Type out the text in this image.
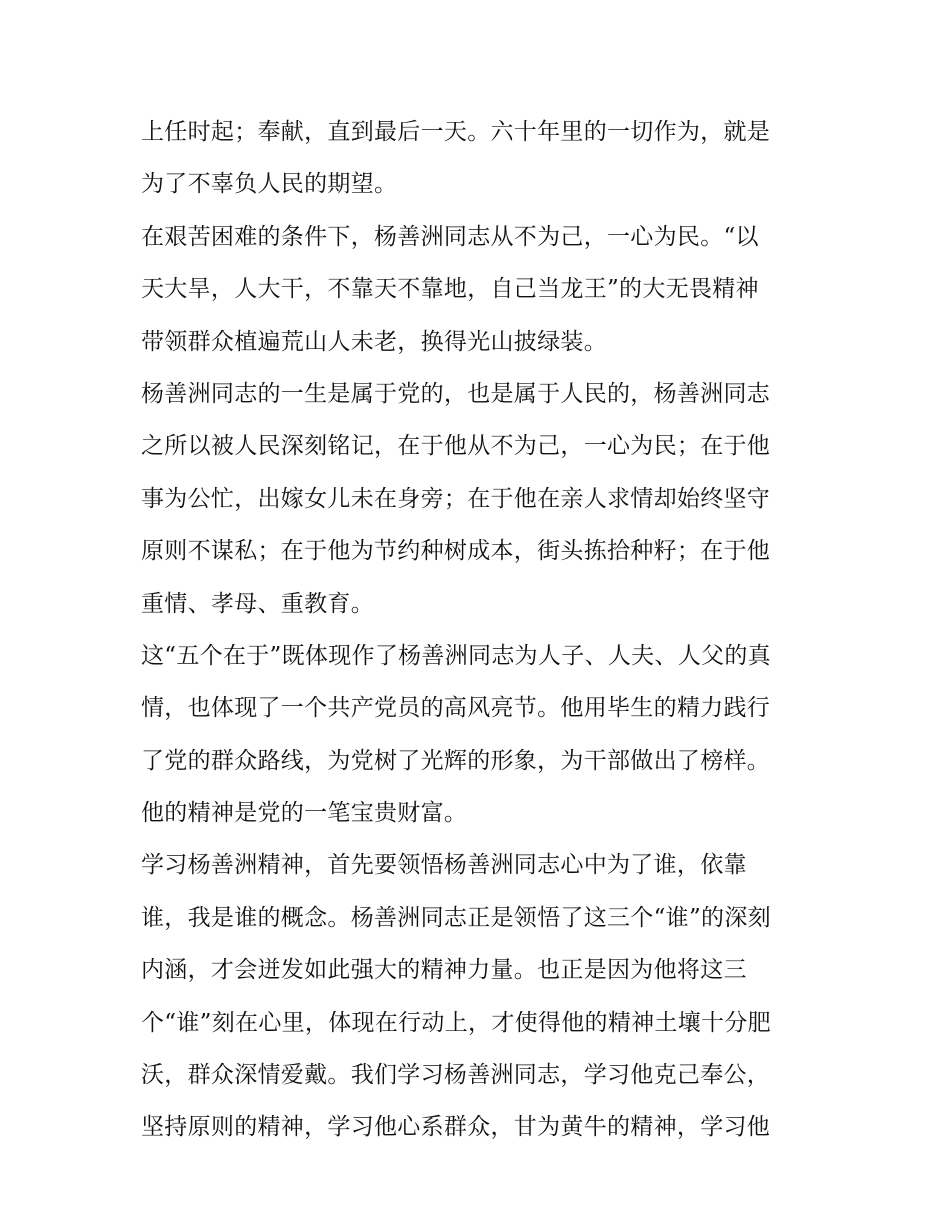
上任时起；奉献，直到最后一天。六十年里的一切作为，就是
为了不辜负人民的期望。
在艰苦困难的条件下，杨善洲同志从不为己，一心为民。“以
天大旱，人大干，不靠天不靠地，自己当龙王”的大无畏精神
带领群众植遍荒山人未老，换得光山披绿装。
杨善洲同志的一生是属于党的，也是属于人民的，杨善洲同志
之所以被人民深刻铭记，在于他从不为己，一心为民；在于他
事为公忙，出嫁女儿未在身旁；在于他在亲人求情却始终坚守
原则不谋私；在于他为节约种树成本，街头拣拾种籽；在于他
重情、孝母、重教育。
这“五个在于”既体现作了杨善洲同志为人子、人夫、人父的真
情，也体现了一个共产党员的高风亮节。他用毕生的精力践行
了党的群众路线，为党树了光辉的形象，为干部做出了榜样。
他的精神是党的一笔宝贵财富。
学习杨善洲精神，首先要领悟杨善洲同志心中为了谁，依靠
谁，我是谁的概念。杨善洲同志正是领悟了这三个“谁”的深刻
内涵，才会迸发如此强大的精神力量。也正是因为他将这三
个“谁”刻在心里，体现在行动上，才使得他的精神土壤十分肥
沃，群众深情爱戴。我们学习杨善洲同志，学习他克己奉公，
坚持原则的精神，学习他心系群众，甘为黄牛的精神，学习他
